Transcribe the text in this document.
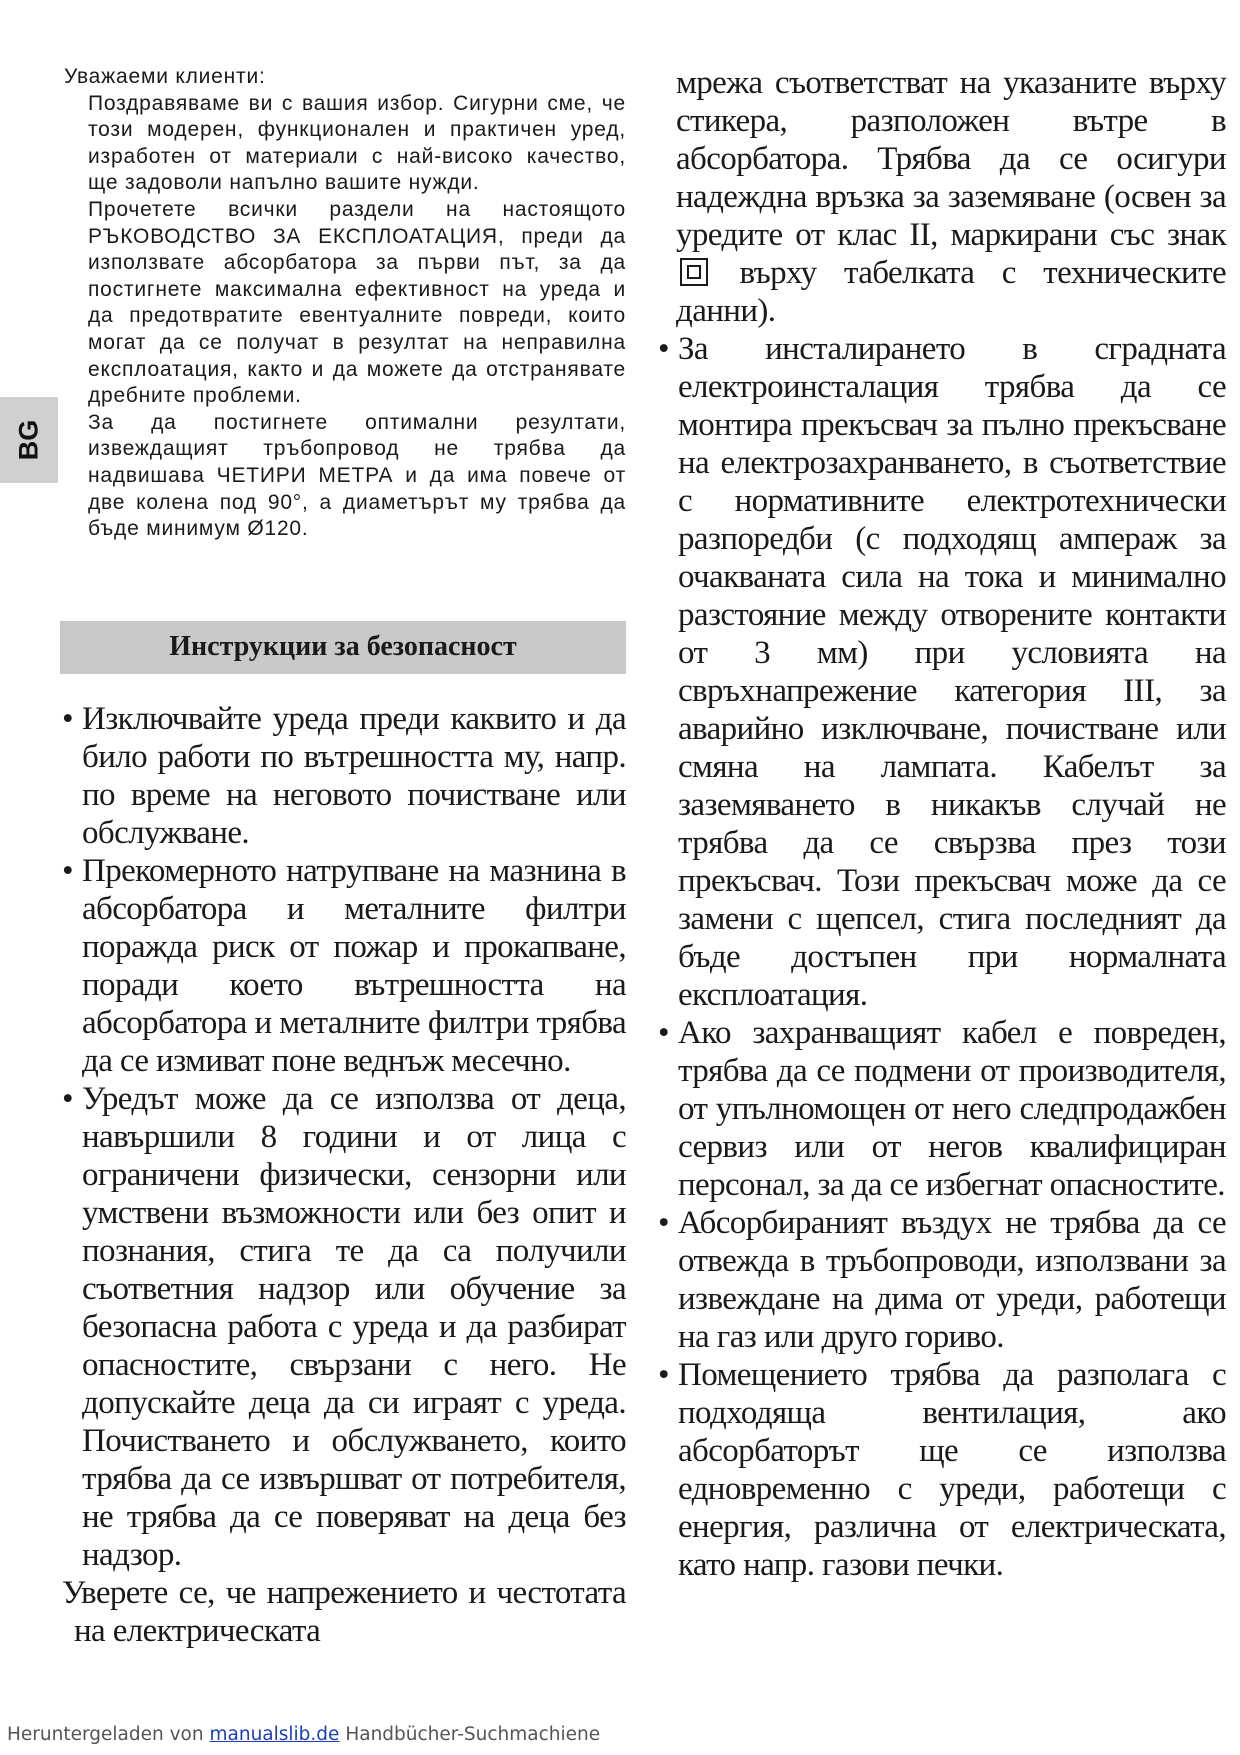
BG

Уважаеми клиенти:

Поздравяваме ви с вашия избор. Сигурни сме, че този модерен, функционален и практичен уред, изработен от материали с най-високо качество, ще задоволи напълно вашите нужди.

Прочетете всички раздели на настоящото РЪКОВОДСТВО ЗА ЕКСПЛОАТАЦИЯ, преди да използвате абсорбатора за първи път, за да постигнете максимална ефективност на уреда и да предотвратите евентуалните повреди, които могат да се получат в резултат на неправилна експлоатация, както и да можете да отстранявате дребните проблеми.

За да постигнете оптимални резултати, извеждащият тръбопровод не трябва да надвишава ЧЕТИРИ МЕТРА и да има повече от две колена под 90°, а диаметърът му трябва да бъде минимум Ø120.

Инструкции за безопасност
• Изключвайте уреда преди каквито и да било работи по вътрешността му, напр. по време на неговото почистване или обслужване.

• Прекомерното натрупване на мазнина в абсорбатора и металните филтри поражда риск от пожар и прокапване, поради което вътрешността на абсорбатора и металните филтри трябва да се измиват поне веднъж месечно.

• Уредът може да се използва от деца, навършили 8 години и от лица с ограничени физически, сензорни или умствени възможности или без опит и познания, стига те да са получили съответния надзор или обучение за безопасна работа с уреда и да разбират опасностите, свързани с него. Не допускайте деца да си играят с уреда. Почистването и обслужването, които трябва да се извършват от потребителя, не трябва да се поверяват на деца без надзор.

Уверете се, че напрежението и честотата на електрическата

мрежа съответстват на указаните върху стикера, разположен вътре в абсорбатора. Трябва да се осигури надеждна връзка за заземяване (освен за уредите от клас II, маркирани със знак  върху табелката с техническите данни).

• За инсталирането в сградната електроинсталация трябва да се монтира прекъсвач за пълно прекъсване на електрозахранването, в съответствие с нормативните електротехнически разпоредби (с подходящ ампераж за очакваната сила на тока и минимално разстояние между отворените контакти от 3 мм) при условията на свръхнапрежение категория III, за аварийно изключване, почистване или смяна на лампата. Кабелът за заземяването в никакъв случай не трябва да се свързва през този прекъсвач. Този прекъсвач може да се замени с щепсел, стига последният да бъде достъпен при нормалната експлоатация.

• Ако захранващият кабел е повреден, трябва да се подмени от производителя, от упълномощен от него следпродажбен сервиз или от негов квалифициран персонал, за да се избегнат опасностите.

• Абсорбираният въздух не трябва да се отвежда в тръбопроводи, използвани за извеждане на дима от уреди, работещи на газ или друго гориво.

• Помещението трябва да разполага с подходяща вентилация, ако абсорбаторът ще се използва едновременно с уреди, работещи с енергия, различна от електрическата, като напр. газови печки.

Heruntergeladen von manualslib.de Handbücher-Suchmachiene
